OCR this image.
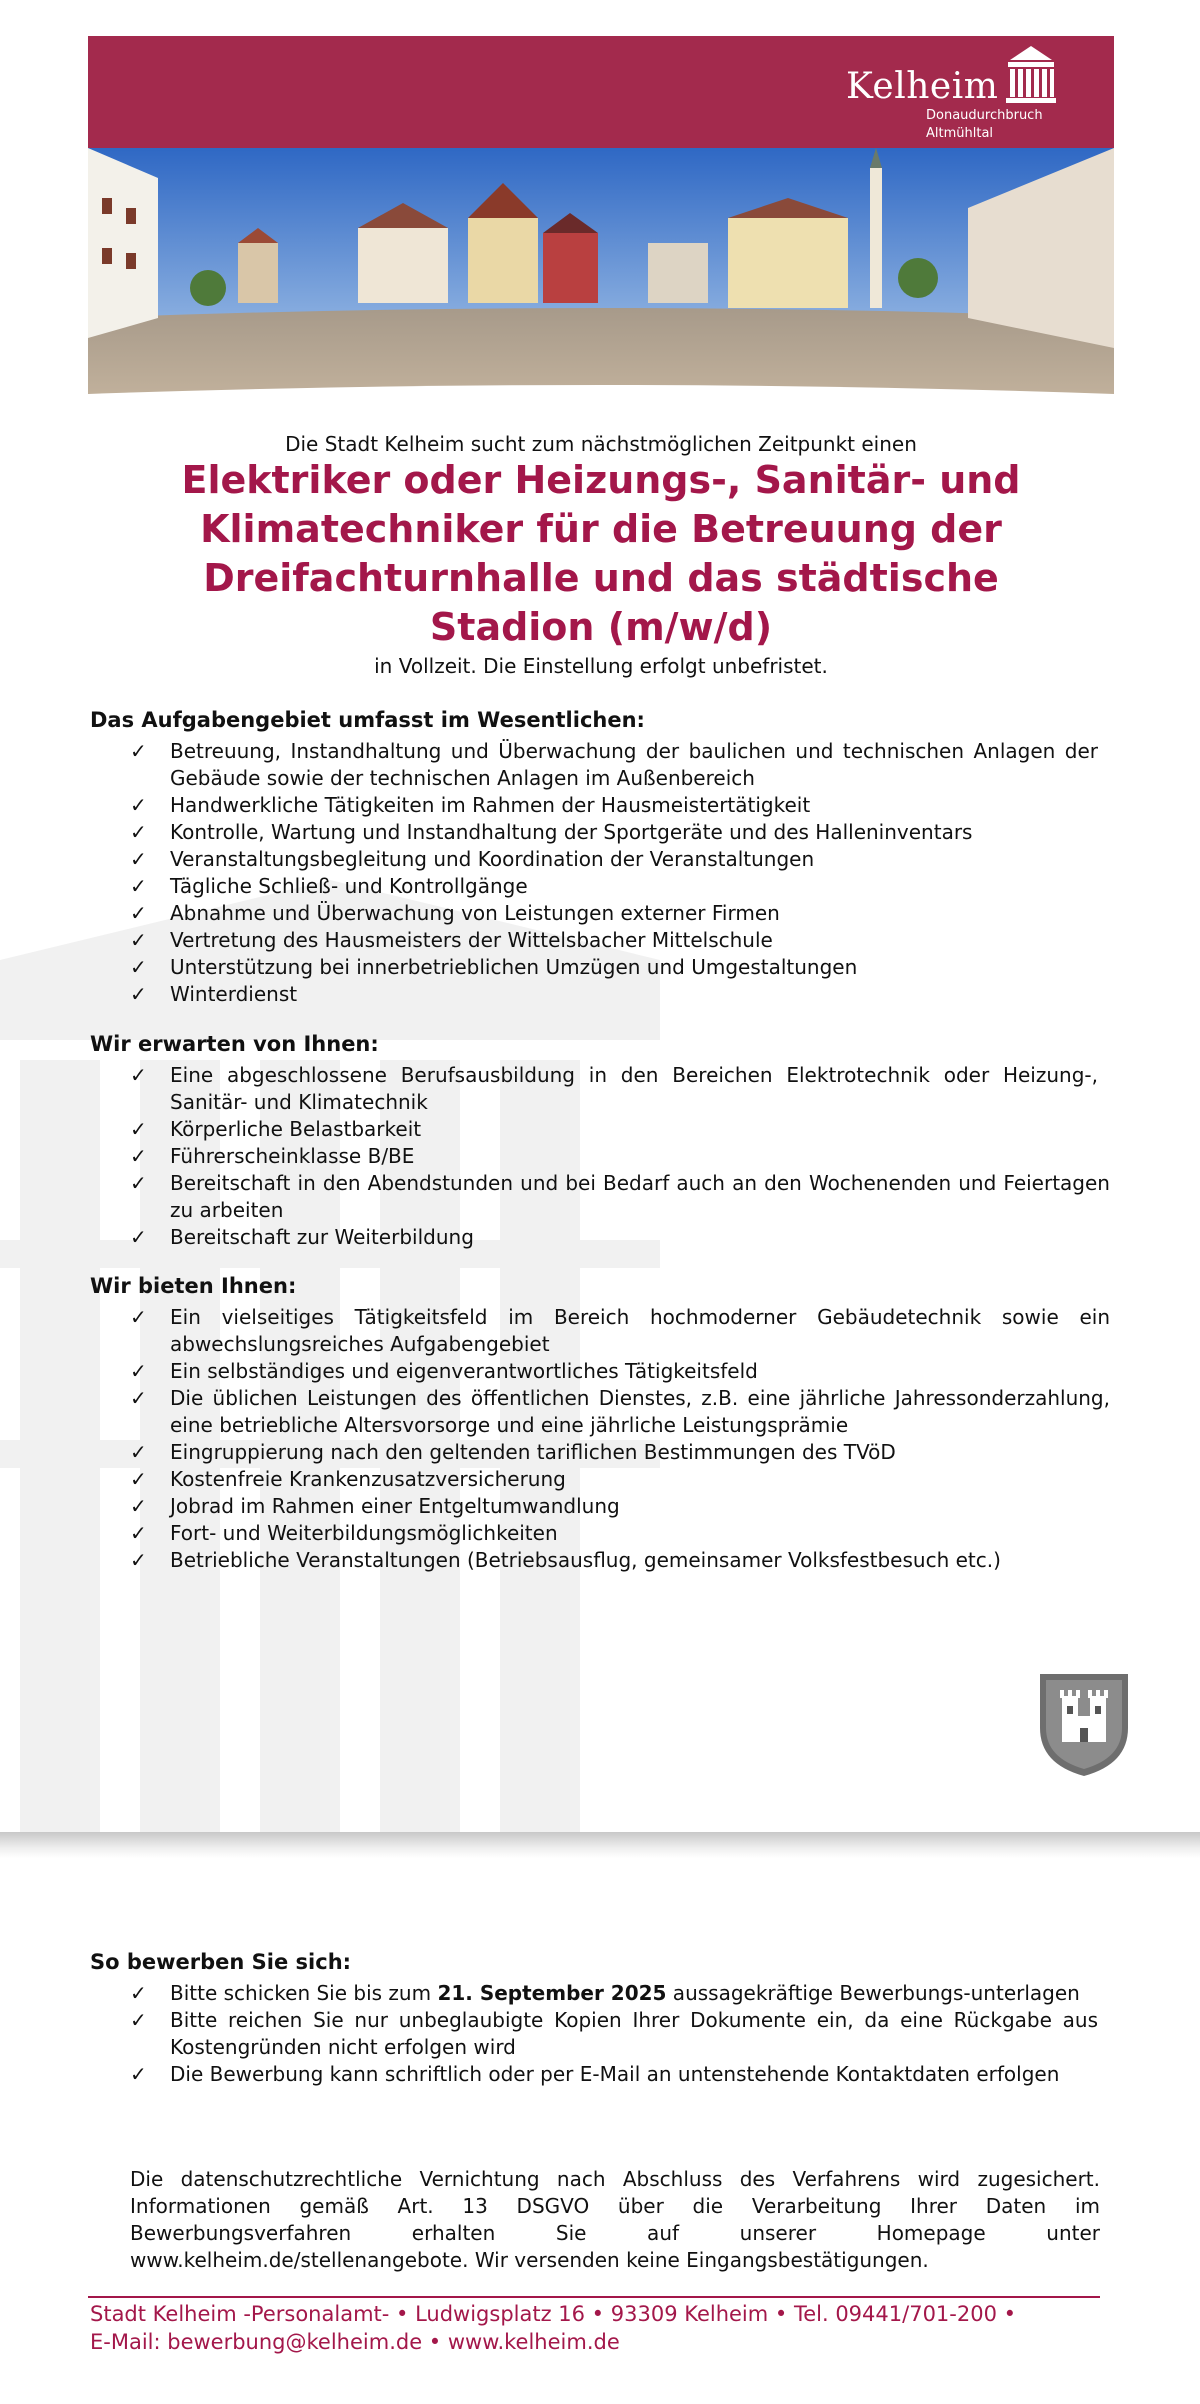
Kelheim
Donaudurchbruch
Altmühltal
Die Stadt Kelheim sucht zum nächstmöglichen Zeitpunkt einen
Elektriker oder Heizungs-, Sanitär- und
Klimatechniker für die Betreuung der
Dreifachturnhalle und das städtische
Stadion (m/w/d)
in Vollzeit. Die Einstellung erfolgt unbefristet.
Das Aufgabengebiet umfasst im Wesentlichen:
✓ Betreuung, Instandhaltung und Überwachung der baulichen und technischen Anlagen der Gebäude sowie der technischen Anlagen im Außenbereich
✓ Handwerkliche Tätigkeiten im Rahmen der Hausmeistertätigkeit
✓ Kontrolle, Wartung und Instandhaltung der Sportgeräte und des Halleninventars
✓ Veranstaltungsbegleitung und Koordination der Veranstaltungen
✓ Tägliche Schließ- und Kontrollgänge
✓ Abnahme und Überwachung von Leistungen externer Firmen
✓ Vertretung des Hausmeisters der Wittelsbacher Mittelschule
✓ Unterstützung bei innerbetrieblichen Umzügen und Umgestaltungen
✓ Winterdienst
Wir erwarten von Ihnen:
✓ Eine abgeschlossene Berufsausbildung in den Bereichen Elektrotechnik oder Heizung-, Sanitär- und Klimatechnik
✓ Körperliche Belastbarkeit
✓ Führerscheinklasse B/BE
✓ Bereitschaft in den Abendstunden und bei Bedarf auch an den Wochenenden und Feiertagen zu arbeiten
✓ Bereitschaft zur Weiterbildung
Wir bieten Ihnen:
✓ Ein vielseitiges Tätigkeitsfeld im Bereich hochmoderner Gebäudetechnik sowie ein abwechslungsreiches Aufgabengebiet
✓ Ein selbständiges und eigenverantwortliches Tätigkeitsfeld
✓ Die üblichen Leistungen des öffentlichen Dienstes, z.B. eine jährliche Jahressonderzahlung, eine betriebliche Altersvorsorge und eine jährliche Leistungsprämie
✓ Eingruppierung nach den geltenden tariflichen Bestimmungen des TVöD
✓ Kostenfreie Krankenzusatzversicherung
✓ Jobrad im Rahmen einer Entgeltumwandlung
✓ Fort- und Weiterbildungsmöglichkeiten
✓ Betriebliche Veranstaltungen (Betriebsausflug, gemeinsamer Volksfestbesuch etc.)
So bewerben Sie sich:
✓ Bitte schicken Sie bis zum 21. September 2025 aussagekräftige Bewerbungs-unterlagen
✓ Bitte reichen Sie nur unbeglaubigte Kopien Ihrer Dokumente ein, da eine Rückgabe aus Kostengründen nicht erfolgen wird
✓ Die Bewerbung kann schriftlich oder per E-Mail an untenstehende Kontaktdaten erfolgen
Die datenschutzrechtliche Vernichtung nach Abschluss des Verfahrens wird zugesichert. Informationen gemäß Art. 13 DSGVO über die Verarbeitung Ihrer Daten im Bewerbungsverfahren erhalten Sie auf unserer Homepage unter www.kelheim.de/stellenangebote. Wir versenden keine Eingangsbestätigungen.
Stadt Kelheim -Personalamt- • Ludwigsplatz 16 • 93309 Kelheim • Tel. 09441/701-200 •
E-Mail: bewerbung@kelheim.de • www.kelheim.de
